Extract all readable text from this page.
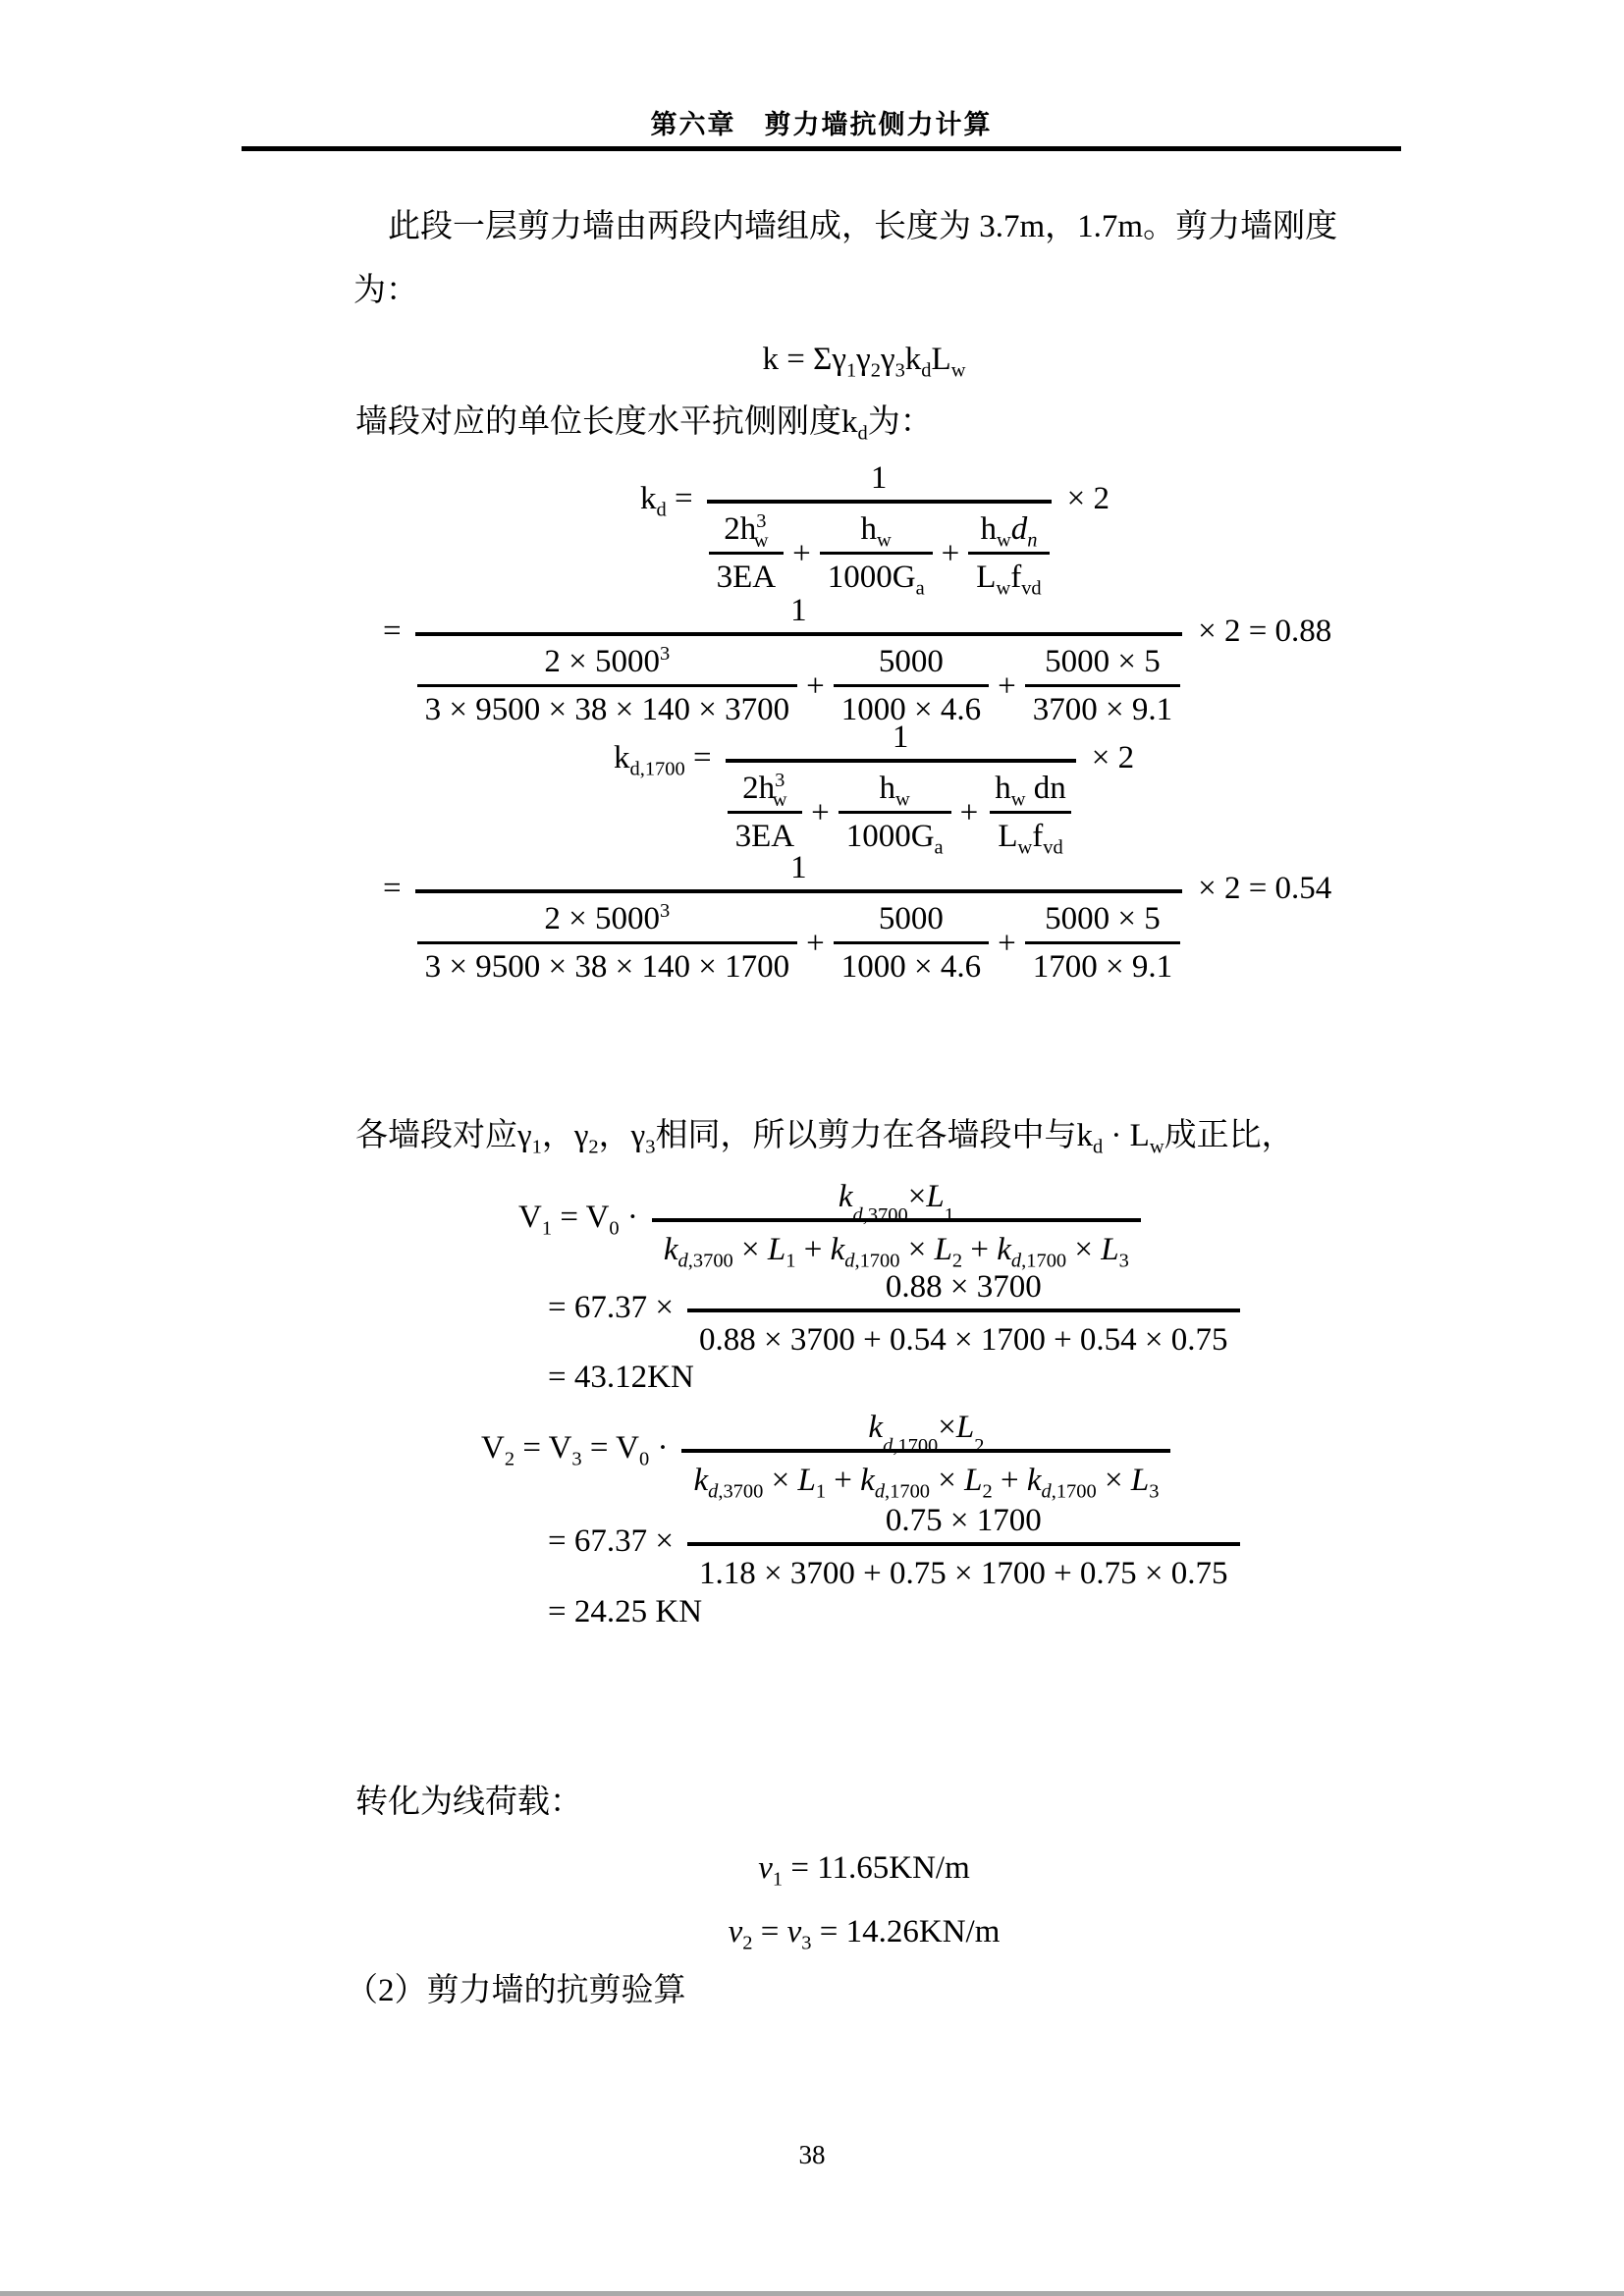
第六章　剪力墙抗侧力计算
此段一层剪力墙由两段内墙组成，长度为 3.7m，1.7m。剪力墙刚度
为：
$k = \Sigma\gamma_1\gamma_2\gamma_3k_dL_w$
墙段对应的单位长度水平抗侧刚度$k_d$为：
$k_d$ =
1
$\frac{2h^3_w}{3EA} + \frac{h_w}{1000G_a} + \frac{h_wd_n}{L_wf_{vd}}$
× 2
=
1
$\frac{2 \times 5000^3}{3 \times 9500 \times 38 \times 140 \times 3700} + \frac{5000}{1000 \times 4.6} + \frac{5000 \times 5}{3700 \times 9.1}$
× 2 = 0.88
$k_{d,1700}$ =
1
$\frac{2h^3_w}{3EA} + \frac{h_w}{1000G_a} + \frac{h_w dn}{L_wf_{vd}}$
× 2
=
1
$\frac{2 \times 5000^3}{3 \times 9500 \times 38 \times 140 \times 1700} + \frac{5000}{1000 \times 4.6} + \frac{5000 \times 5}{1700 \times 9.1}$
× 2 = 0.54
各墙段对应$\gamma_1$，$\gamma_2$，$\gamma_3$相同，所以剪力在各墙段中与$k_d \cdot L_w$成正比，
$V_1 = V_0 \cdot k$
d,3700
× L
1
$k_{d,3700} \times L_1 + k_{d,1700} \times L_2 + k_{d,1700} \times L_3$
= $67.37 \times \frac{0.88 \times 3700}{0.88 \times 3700 + 0.54 \times 1700 + 0.54 \times 0.75}$
= 43.12KN
$V_2 = V_3 = V_0 \cdot k$
d,1700
× L
2
$k_{d,3700} \times L_1 + k_{d,1700} \times L_2 + k_{d,1700} \times L_3$
= $67.37 \times \frac{0.75 \times 1700}{1.18 \times 3700 + 0.75 \times 1700 + 0.75 \times 0.75}$
= 24.25 KN
转化为线荷载：
$v_1 = 11.65KN/m$
$v_2 = v_3 = 14.26KN/m$
（2）剪力墙的抗剪验算
38
